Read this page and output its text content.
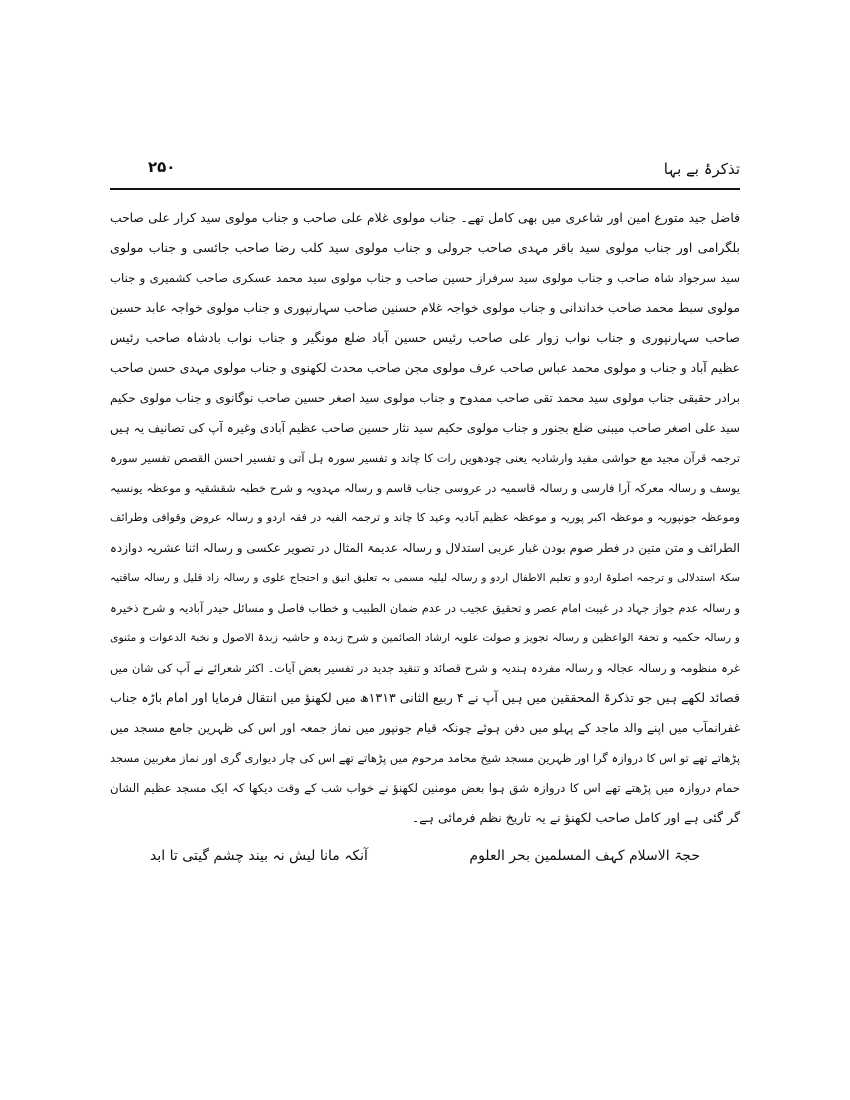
۲۵۰	تذکرۂ بے بہا
فاضل جید متورع امین اور شاعری میں بھی کامل تھے۔ جناب مولوی غلام علی صاحب و جناب مولوی سید کرار علی صاحب
بلگرامی اور جناب مولوی سید باقر مہدی صاحب جرولی و جناب مولوی سید کلب رضا صاحب جائسی و جناب مولوی
سید سرجواد شاہ صاحب و جناب مولوی سید سرفراز حسین صاحب و جناب مولوی سید محمد عسکری صاحب کشمیری و جناب
مولوی سبط محمد صاحب خداندانی و جناب مولوی خواجہ غلام حسنین صاحب سہارنپوری و جناب مولوی خواجہ عابد حسین
صاحب سہارنپوری و جناب نواب زوار علی صاحب رئیس حسین آباد ضلع مونگیر و جناب نواب بادشاہ صاحب رئیس
عظیم آباد و جناب و مولوی محمد عباس صاحب عرف مولوی مجن صاحب محدث لکھنوی و جناب مولوی مہدی حسن صاحب
برادر حقیقی جناب مولوی سید محمد تقی صاحب ممدوح و جناب مولوی سید اصغر حسین صاحب نوگانوی و جناب مولوی حکیم
سید علی اصغر صاحب میبنی ضلع بجنور و جناب مولوی حکیم سید نثار حسین صاحب عظیم آبادی وغیرہ آپ کی تصانیف یہ ہیں
ترجمہ قرآن مجید مع حواشی مفید وارشادیہ یعنی چودھویں رات کا چاند و تفسیر سورہ ہل آتی و تفسیر احسن القصص تفسیر سورہ
یوسف و رسالہ معرکہ آرا فارسی و رسالہ قاسمیہ در عروسی جناب قاسم و رسالہ مہدویہ و شرح خطبہ شقشقیہ و موعظہ یونسیہ
وموعظہ جونپوریہ و موعظہ اکبر پوریہ و موعظہ عظیم آبادیہ وعید کا چاند و ترجمہ الفیہ در فقہ اردو و رسالہ عروض وقوافی وطرائف
الطرائف و متن متین در فطر صوم بودن غبار عربی استدلال و رسالہ عدیمۃ المثال در تصویر عکسی و رسالہ اثنا عشریہ دوازدہ
سکۂ استدلالی و ترجمہ اصلوۃ اردو و تعلیم الاطفال اردو و رسالہ لیلیہ مسمی بہ تعلیق انیق و احتجاج علوی و رسالہ زاد قلیل و رسالہ ساقتیہ
و رسالہ عدم جواز جہاد در غیبت امام عصر و تحقیق عجیب در عدم ضمان الطبیب و خطاب فاصل و مسائل حیدر آبادیہ و شرح ذخیرہ
و رسالہ حکمیہ و تحفۃ الواعظین و رسالہ تجویز و صولت علویہ ارشاد الصائمین و شرح زبدہ و حاشیہ زبدۃ الاصول و نخبۃ الدعوات و مثنوی
غرہ منظومہ و رسالہ عجالہ و رسالہ مفردہ ہندیہ و شرح قصائد و تنقید جدید در تفسیر بعض آیات۔ اکثر شعرائے نے آپ کی شان میں
قصائد لکھے ہیں جو تذکرۃ المحققین میں ہیں آپ نے ۴ ربیع الثانی ۱۳۱۳ھ میں لکھنؤ میں انتقال فرمایا اور امام باڑہ جناب
غفرانمآب میں اپنے والد ماجد کے پہلو میں دفن ہوئے چونکہ قیام جونپور میں نماز جمعہ اور اس کی ظہرین جامع مسجد میں
پڑھاتے تھے تو اس کا دروازہ گرا اور ظہرین مسجد شیخ محامد مرحوم میں پڑھاتے تھے اس کی چار دیواری گری اور نماز مغربین مسجد
حمام دروازہ میں پڑھتے تھے اس کا دروازہ شق ہوا بعض مومنین لکھنؤ نے خواب شب کے وقت دیکھا کہ ایک مسجد عظیم الشان
گر گئی ہے اور کامل صاحب لکھنؤ نے یہ تاریخ نظم فرمائی ہے۔
حجۃ الاسلام کہف المسلمین بحر العلوم
آنکہ مانا لیش نہ بیند چشم گیتی تا ابد
